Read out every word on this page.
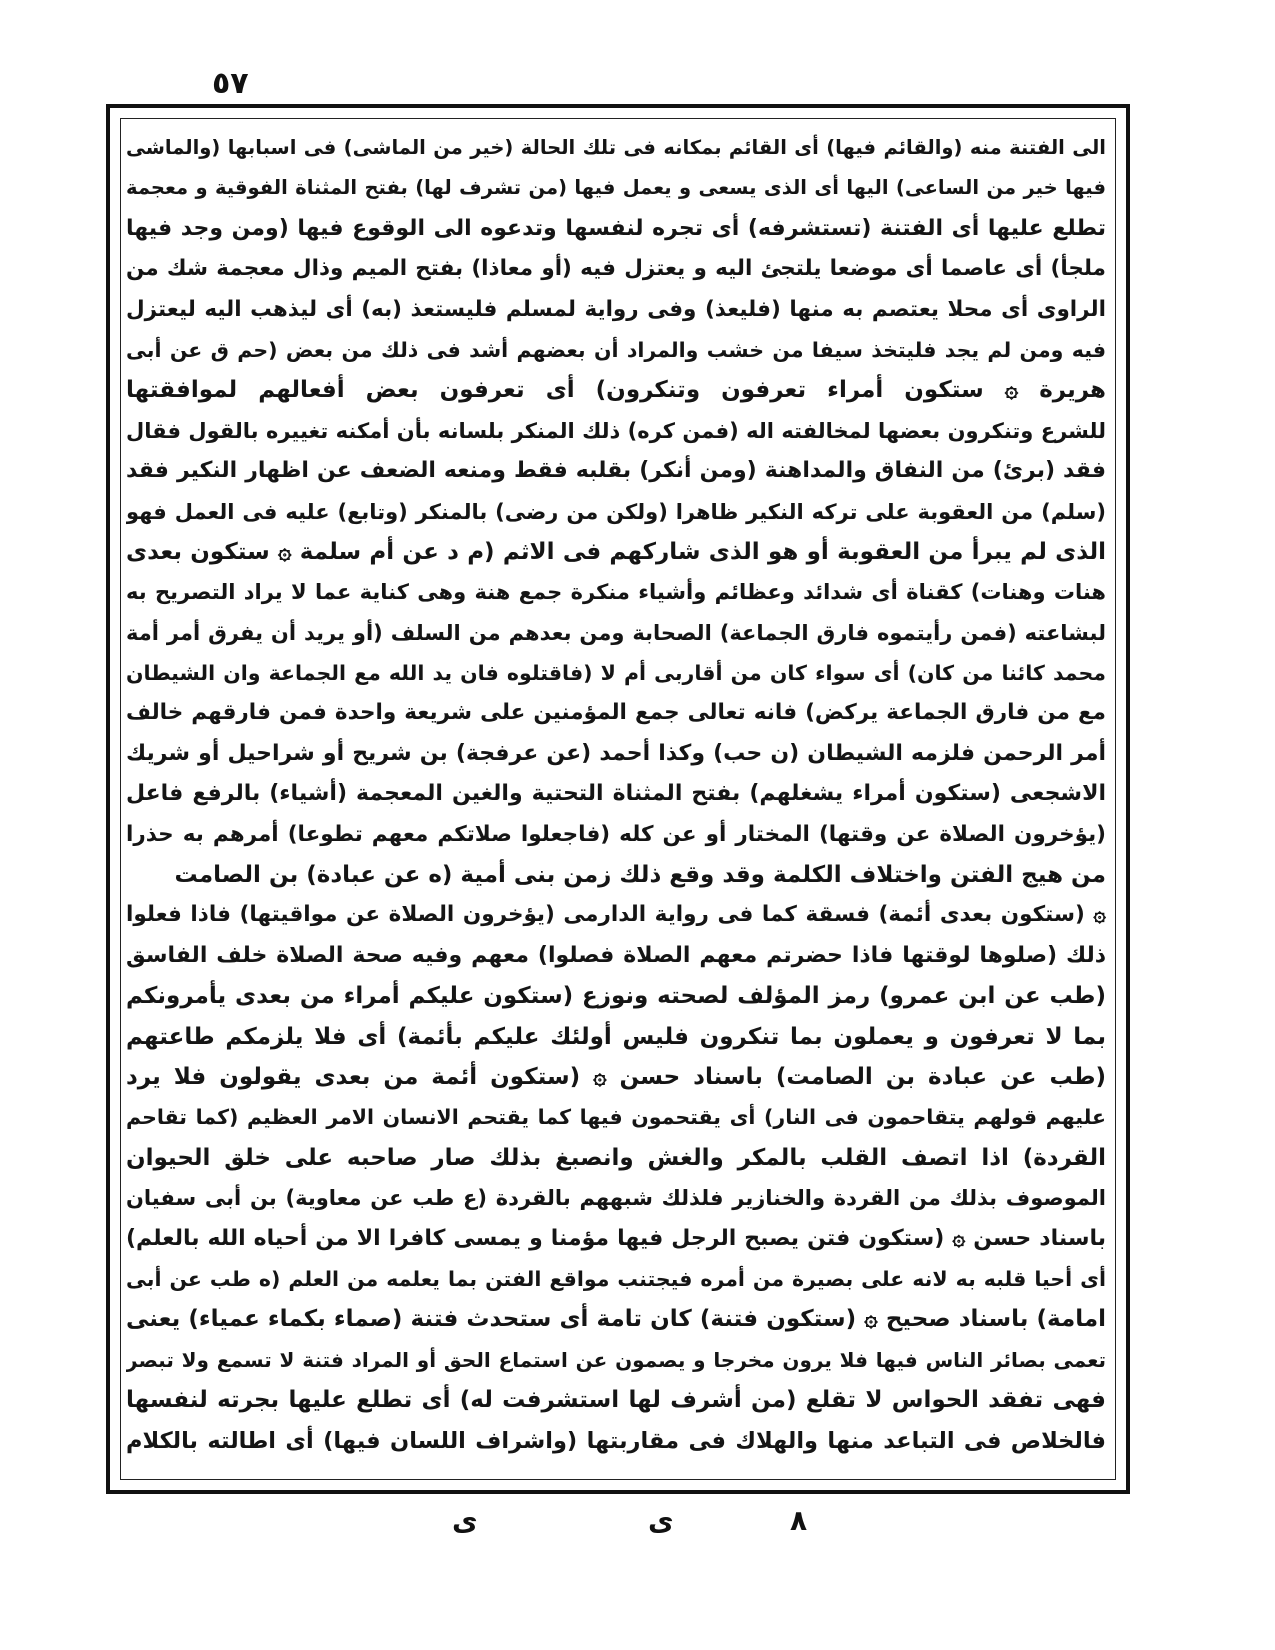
٥٧
الى الفتنة منه (والقائم فيها) أى القائم بمكانه فى تلك الحالة (خير من الماشى) فى اسبابها (والماشى
فيها خير من الساعى) اليها أى الذى يسعى و يعمل فيها (من تشرف لها) بفتح المثناة الفوقية و معجمة
تطلع عليها أى الفتنة (تستشرفه) أى تجره لنفسها وتدعوه الى الوقوع فيها (ومن وجد فيها
ملجأ) أى عاصما أى موضعا يلتجئ اليه و يعتزل فيه (أو معاذا) بفتح الميم وذال معجمة شك من
الراوى أى محلا يعتصم به منها (فليعذ) وفى رواية لمسلم فليستعذ (به) أى ليذهب اليه ليعتزل
فيه ومن لم يجد فليتخذ سيفا من خشب والمراد أن بعضهم أشد فى ذلك من بعض (حم ق عن أبى
هريرة ۞ ستكون أمراء تعرفون وتنكرون) أى تعرفون بعض أفعالهم لموافقتها
للشرع وتنكرون بعضها لمخالفته اله (فمن كره) ذلك المنكر بلسانه بأن أمكنه تغييره بالقول فقال
فقد (برئ) من النفاق والمداهنة (ومن أنكر) بقلبه فقط ومنعه الضعف عن اظهار النكير فقد
(سلم) من العقوبة على تركه النكير ظاهرا (ولكن من رضى) بالمنكر (وتابع) عليه فى العمل فهو
الذى لم يبرأ من العقوبة أو هو الذى شاركهم فى الاثم (م د عن أم سلمة ۞ ستكون بعدى
هنات وهنات) كقناة أى شدائد وعظائم وأشياء منكرة جمع هنة وهى كناية عما لا يراد التصريح به
لبشاعته (فمن رأيتموه فارق الجماعة) الصحابة ومن بعدهم من السلف (أو يريد أن يفرق أمر أمة
محمد كائنا من كان) أى سواء كان من أقاربى أم لا (فاقتلوه فان يد الله مع الجماعة وان الشيطان
مع من فارق الجماعة يركض) فانه تعالى جمع المؤمنين على شريعة واحدة فمن فارقهم خالف
أمر الرحمن فلزمه الشيطان (ن حب) وكذا أحمد (عن عرفجة) بن شريح أو شراحيل أو شريك
الاشجعى (ستكون أمراء يشغلهم) بفتح المثناة التحتية والغين المعجمة (أشياء) بالرفع فاعل
(يؤخرون الصلاة عن وقتها) المختار أو عن كله (فاجعلوا صلاتكم معهم تطوعا) أمرهم به حذرا
من هيج الفتن واختلاف الكلمة وقد وقع ذلك زمن بنى أمية (ه عن عبادة) بن الصامت
۞ (ستكون بعدى أئمة) فسقة كما فى رواية الدارمى (يؤخرون الصلاة عن مواقيتها) فاذا فعلوا
ذلك (صلوها لوقتها فاذا حضرتم معهم الصلاة فصلوا) معهم وفيه صحة الصلاة خلف الفاسق
(طب عن ابن عمرو) رمز المؤلف لصحته ونوزع (ستكون عليكم أمراء من بعدى يأمرونكم
بما لا تعرفون و يعملون بما تنكرون فليس أولئك عليكم بأئمة) أى فلا يلزمكم طاعتهم
(طب عن عبادة بن الصامت) باسناد حسن ۞ (ستكون أئمة من بعدى يقولون فلا يرد
عليهم قولهم يتقاحمون فى النار) أى يقتحمون فيها كما يقتحم الانسان الامر العظيم (كما تقاحم
القردة) اذا اتصف القلب بالمكر والغش وانصبغ بذلك صار صاحبه على خلق الحيوان
الموصوف بذلك من القردة والخنازير فلذلك شبههم بالقردة (ع طب عن معاوية) بن أبى سفيان
باسناد حسن ۞ (ستكون فتن يصبح الرجل فيها مؤمنا و يمسى كافرا الا من أحياه الله بالعلم)
أى أحيا قلبه به لانه على بصيرة من أمره فيجتنب مواقع الفتن بما يعلمه من العلم (ه طب عن أبى
امامة) باسناد صحيح ۞ (ستكون فتنة) كان تامة أى ستحدث فتنة (صماء بكماء عمياء) يعنى
تعمى بصائر الناس فيها فلا يرون مخرجا و يصمون عن استماع الحق أو المراد فتنة لا تسمع ولا تبصر
فهى تفقد الحواس لا تقلع (من أشرف لها استشرفت له) أى تطلع عليها بجرته لنفسها
فالخلاص فى التباعد منها والهلاك فى مقاربتها (واشراف اللسان فيها) أى اطالته بالكلام
٨
ى
ى
